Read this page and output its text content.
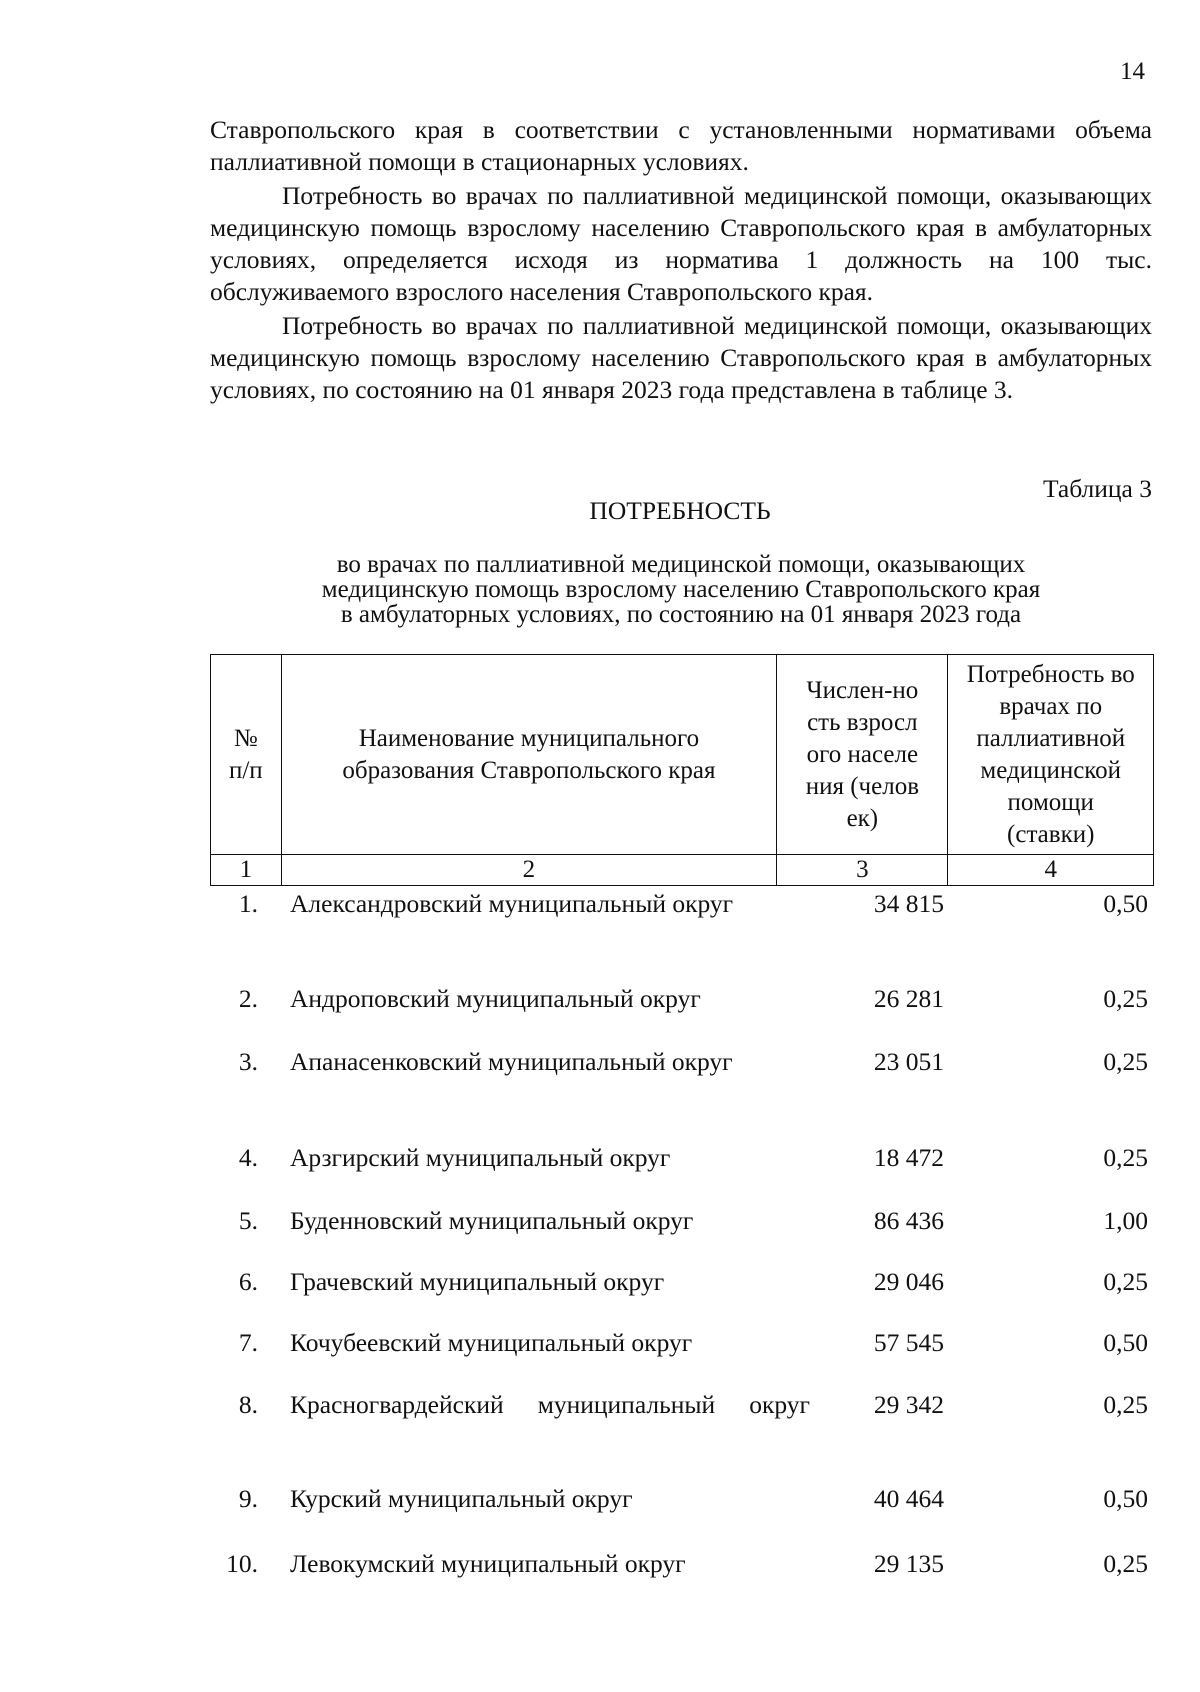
14

Ставропольского края в соответствии с установленными нормативами объема паллиативной помощи в стационарных условиях.

Потребность во врачах по паллиативной медицинской помощи, оказывающих медицинскую помощь взрослому населению Ставропольского края в амбулаторных условиях, определяется исходя из норматива 1 должность на 100 тыс. обслуживаемого взрослого населения Ставропольского края.

Потребность во врачах по паллиативной медицинской помощи, оказывающих медицинскую помощь взрослому населению Ставропольского края в амбулаторных условиях, по состоянию на 01 января 2023 года представлена в таблице 3.

Таблица 3
ПОТРЕБНОСТЬ
во врачах по паллиативной медицинской помощи, оказывающих
медицинскую помощь взрослому населению Ставропольского края
в амбулаторных условиях, по состоянию на 01 января 2023 года
№ п/п	Наименование муниципального образования Ставропольского края	Числен-ность взрослого населения (человек)	Потребность во врачах по паллиативной медицинской помощи (ставки)

1	2	3	4
1. Александровский муниципальный округ	34 815	0,50
2. Андроповский муниципальный округ	26 281	0,25
3. Апанасенковский муниципальный округ	23 051	0,25
4. Арзгирский муниципальный округ	18 472	0,25
5. Буденновский муниципальный округ	86 436	1,00
6. Грачевский муниципальный округ	29 046	0,25
7. Кочубеевский муниципальный округ	57 545	0,50
8. Красногвардейский муниципальный округ	29 342	0,25
9. Курский муниципальный округ	40 464	0,50
10. Левокумский муниципальный округ	29 135	0,25
